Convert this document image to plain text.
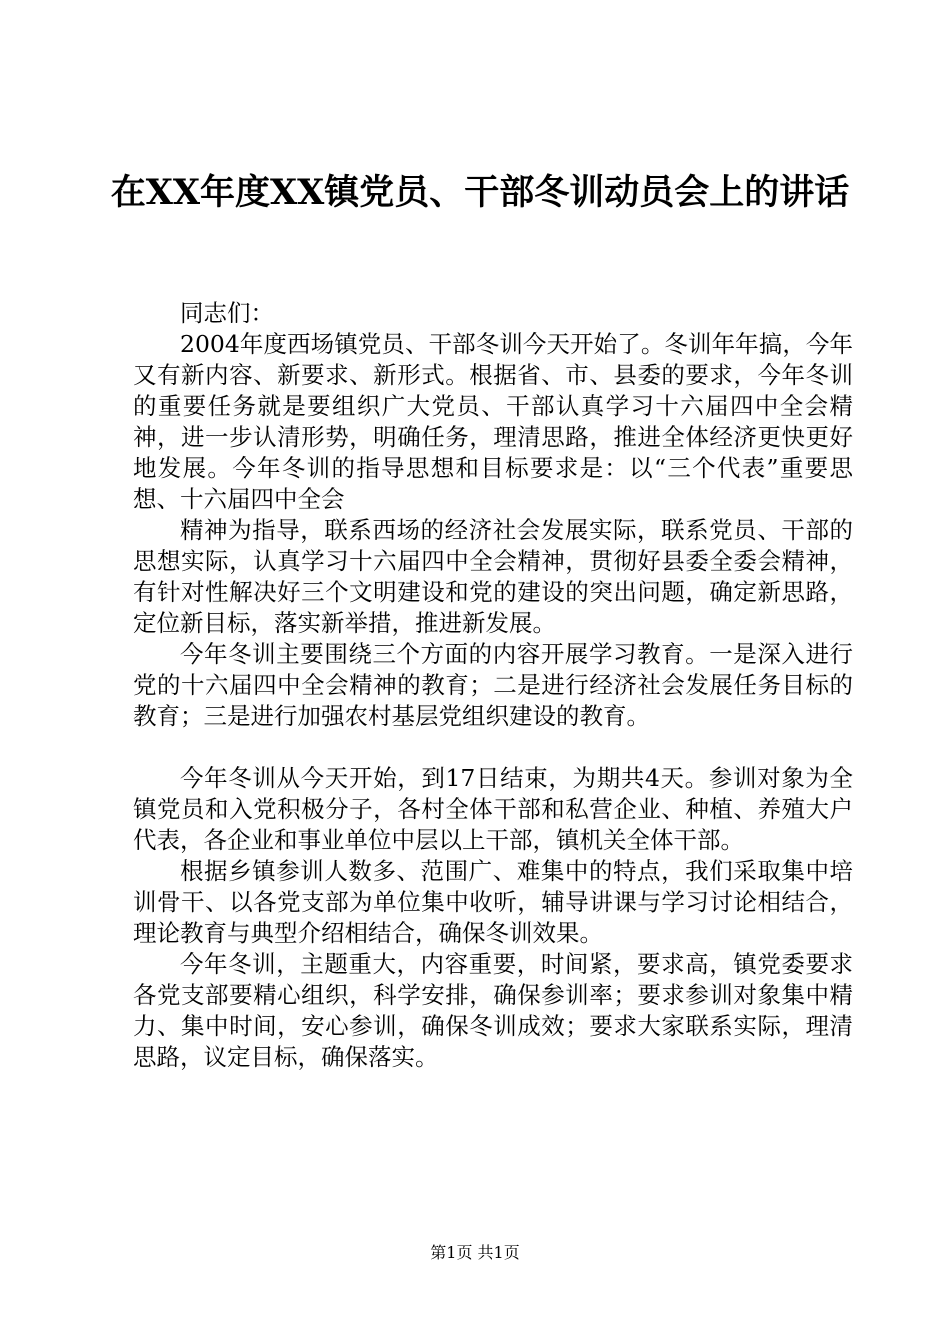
在XX年度XX镇党员、干部冬训动员会上的讲话

同志们：

2004年度西场镇党员、干部冬训今天开始了。冬训年年搞，今年又有新内容、新要求、新形式。根据省、市、县委的要求，今年冬训的重要任务就是要组织广大党员、干部认真学习十六届四中全会精神，进一步认清形势，明确任务，理清思路，推进全体经济更快更好地发展。今年冬训的指导思想和目标要求是：以“三个代表”重要思想、十六届四中全会

精神为指导，联系西场的经济社会发展实际，联系党员、干部的思想实际，认真学习十六届四中全会精神，贯彻好县委全委会精神，有针对性解决好三个文明建设和党的建设的突出问题，确定新思路，定位新目标，落实新举措，推进新发展。

今年冬训主要围绕三个方面的内容开展学习教育。一是深入进行党的十六届四中全会精神的教育；二是进行经济社会发展任务目标的教育；三是进行加强农村基层党组织建设的教育。

今年冬训从今天开始，到17日结束，为期共4天。参训对象为全镇党员和入党积极分子，各村全体干部和私营企业、种植、养殖大户代表，各企业和事业单位中层以上干部，镇机关全体干部。

根据乡镇参训人数多、范围广、难集中的特点，我们采取集中培训骨干、以各党支部为单位集中收听，辅导讲课与学习讨论相结合，理论教育与典型介绍相结合，确保冬训效果。

今年冬训，主题重大，内容重要，时间紧，要求高，镇党委要求各党支部要精心组织，科学安排，确保参训率；要求参训对象集中精力、集中时间，安心参训，确保冬训成效；要求大家联系实际，理清思路，议定目标，确保落实。

第1页 共1页
